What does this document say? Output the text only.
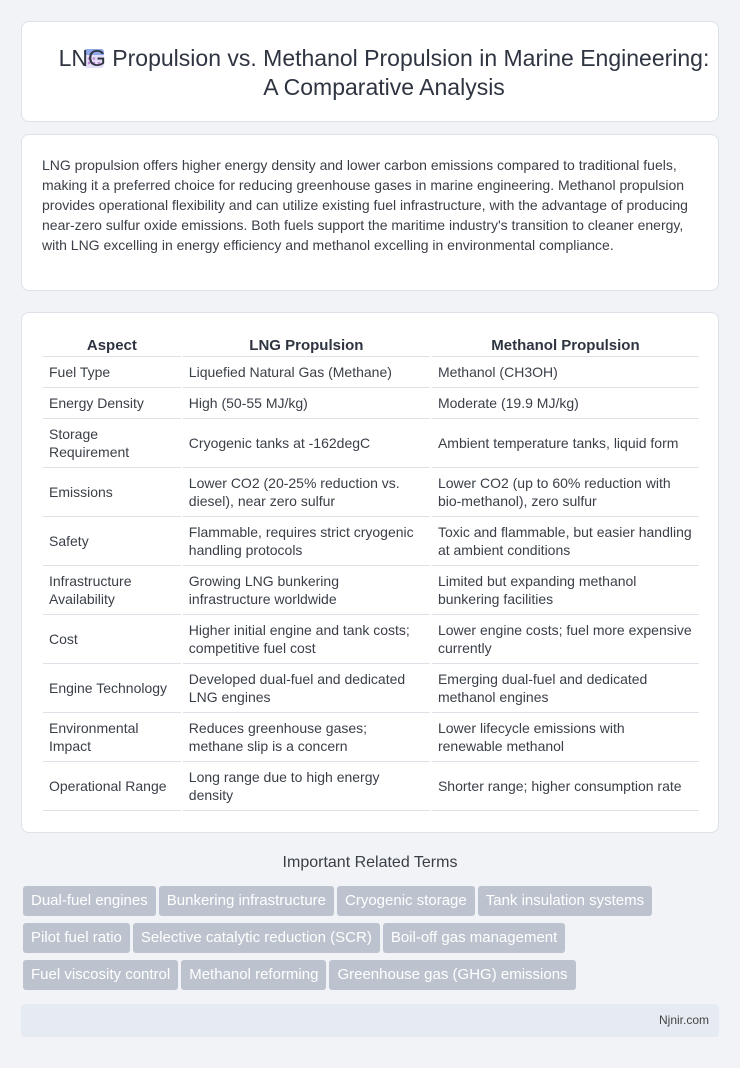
LNG Propulsion vs. Methanol Propulsion in Marine Engineering: A Comparative Analysis

LNG propulsion offers higher energy density and lower carbon emissions compared to traditional fuels, making it a preferred choice for reducing greenhouse gases in marine engineering. Methanol propulsion provides operational flexibility and can utilize existing fuel infrastructure, with the advantage of producing near-zero sulfur oxide emissions. Both fuels support the maritime industry's transition to cleaner energy, with LNG excelling in energy efficiency and methanol excelling in environmental compliance.

Aspect	LNG Propulsion	Methanol Propulsion
Fuel Type	Liquefied Natural Gas (Methane)	Methanol (CH3OH)
Energy Density	High (50-55 MJ/kg)	Moderate (19.9 MJ/kg)
Storage Requirement	Cryogenic tanks at -162degC	Ambient temperature tanks, liquid form
Emissions	Lower CO2 (20-25% reduction vs. diesel), near zero sulfur	Lower CO2 (up to 60% reduction with bio-methanol), zero sulfur
Safety	Flammable, requires strict cryogenic handling protocols	Toxic and flammable, but easier handling at ambient conditions
Infrastructure Availability	Growing LNG bunkering infrastructure worldwide	Limited but expanding methanol bunkering facilities
Cost	Higher initial engine and tank costs; competitive fuel cost	Lower engine costs; fuel more expensive currently
Engine Technology	Developed dual-fuel and dedicated LNG engines	Emerging dual-fuel and dedicated methanol engines
Environmental Impact	Reduces greenhouse gases; methane slip is a concern	Lower lifecycle emissions with renewable methanol
Operational Range	Long range due to high energy density	Shorter range; higher consumption rate
Important Related Terms
Dual-fuel engines Bunkering infrastructure Cryogenic storage Tank insulation systems
Pilot fuel ratio Selective catalytic reduction (SCR) Boil-off gas management
Fuel viscosity control Methanol reforming Greenhouse gas (GHG) emissions
Njnir.com
